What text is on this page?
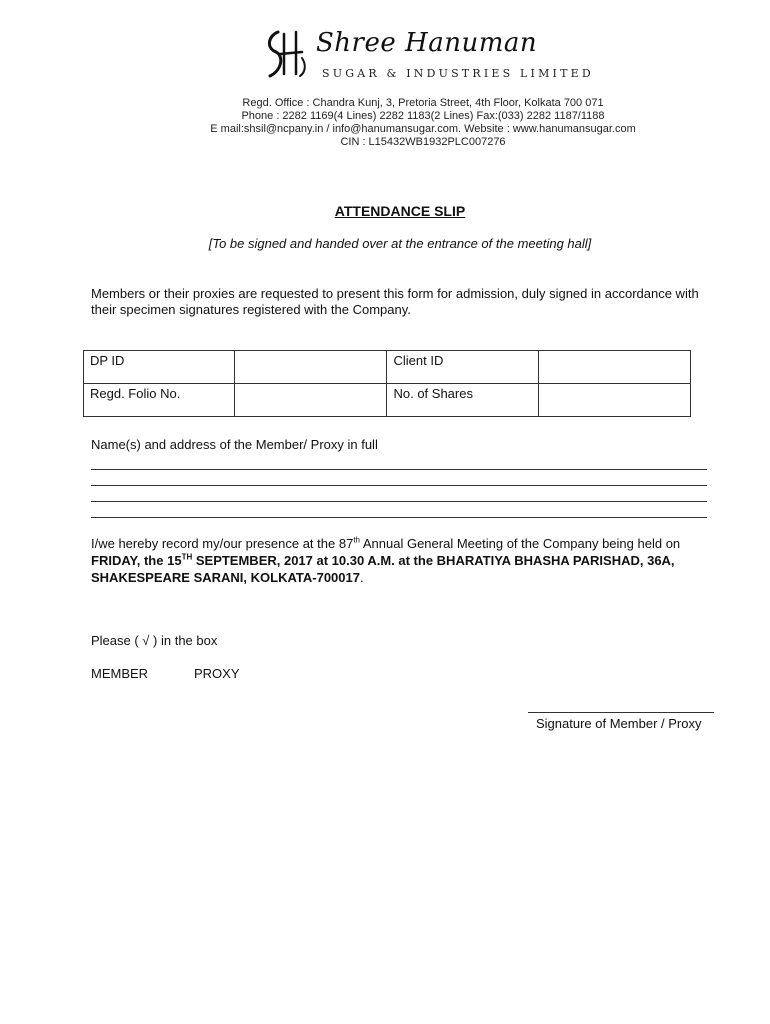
Shree Hanuman
SUGAR & INDUSTRIES LIMITED
Regd. Office : Chandra Kunj, 3, Pretoria Street, 4th Floor, Kolkata 700 071
Phone : 2282 1169(4 Lines) 2282 1183(2 Lines) Fax:(033) 2282 1187/1188
E mail:shsil@ncpany.in / info@hanumansugar.com. Website : www.hanumansugar.com
CIN : L15432WB1932PLC007276
ATTENDANCE SLIP
[To be signed and handed over at the entrance of the meeting hall]
Members or their proxies are requested to present this form for admission, duly signed in accordance with their specimen signatures registered with the Company.
DP ID		Client ID	
Regd. Folio No.		No. of Shares	
Name(s) and address of the Member/ Proxy in full
I/we hereby record my/our presence at the 87th Annual General Meeting of the Company being held on FRIDAY, the 15TH SEPTEMBER, 2017 at 10.30 A.M. at the BHARATIYA BHASHA PARISHAD, 36A, SHAKESPEARE SARANI, KOLKATA-700017.
Please ( √ ) in the box
MEMBER	PROXY
Signature of Member / Proxy
